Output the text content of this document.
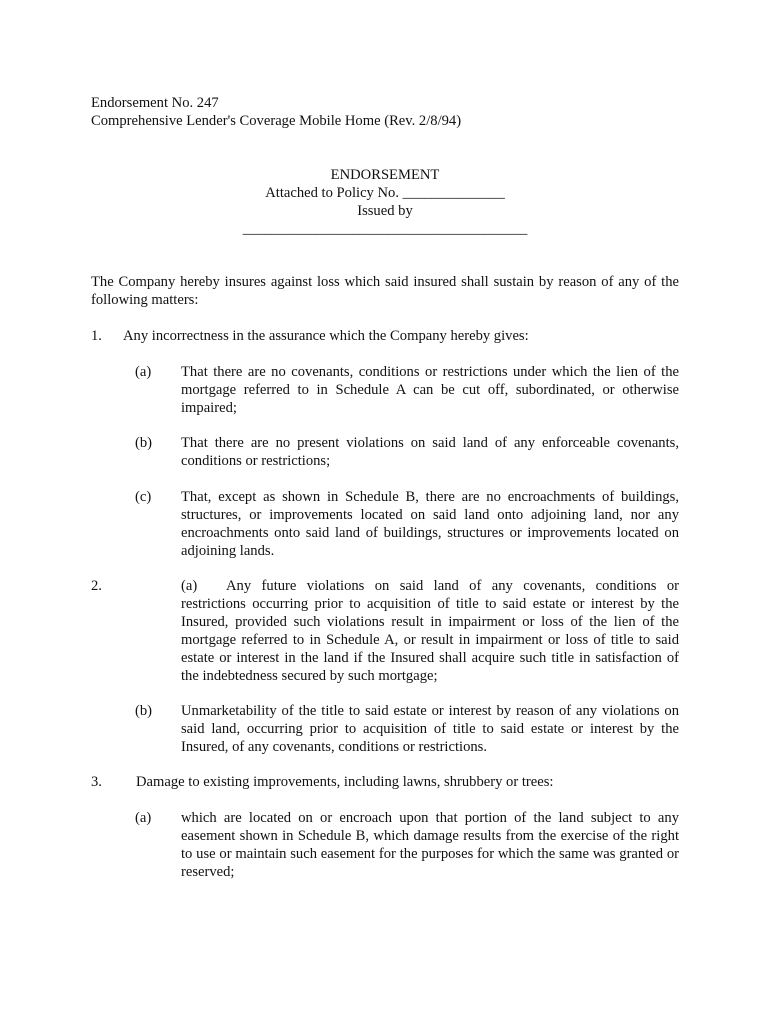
Endorsement No. 247
Comprehensive Lender's Coverage Mobile Home (Rev. 2/8/94)
ENDORSEMENT
Attached to Policy No. ______________
Issued by
_______________________________________
The Company hereby insures against loss which said insured shall sustain by reason of any of the following matters:
1. Any incorrectness in the assurance which the Company hereby gives:
(a) That there are no covenants, conditions or restrictions under which the lien of the mortgage referred to in Schedule A can be cut off, subordinated, or otherwise impaired;
(b) That there are no present violations on said land of any enforceable covenants, conditions or restrictions;
(c) That, except as shown in Schedule B, there are no encroachments of buildings, structures, or improvements located on said land onto adjoining land, nor any encroachments onto said land of buildings, structures or improvements located on adjoining lands.
2.	Any future violations on said land of any covenants, conditions or restrictions occurring prior to acquisition of title to said estate or interest by the Insured, provided such violations result in impairment or loss of the lien of the mortgage referred to in Schedule A, or result in impairment or loss of title to said estate or interest in the land if the Insured shall acquire such title in satisfaction of the indebtedness secured by such mortgage;
(a)
(b) Unmarketability of the title to said estate or interest by reason of any violations on said land, occurring prior to acquisition of title to said estate or interest by the Insured, of any covenants, conditions or restrictions.
3. Damage to existing improvements, including lawns, shrubbery or trees:
(a) which are located on or encroach upon that portion of the land subject to any easement shown in Schedule B, which damage results from the exercise of the right to use or maintain such easement for the purposes for which the same was granted or reserved;
